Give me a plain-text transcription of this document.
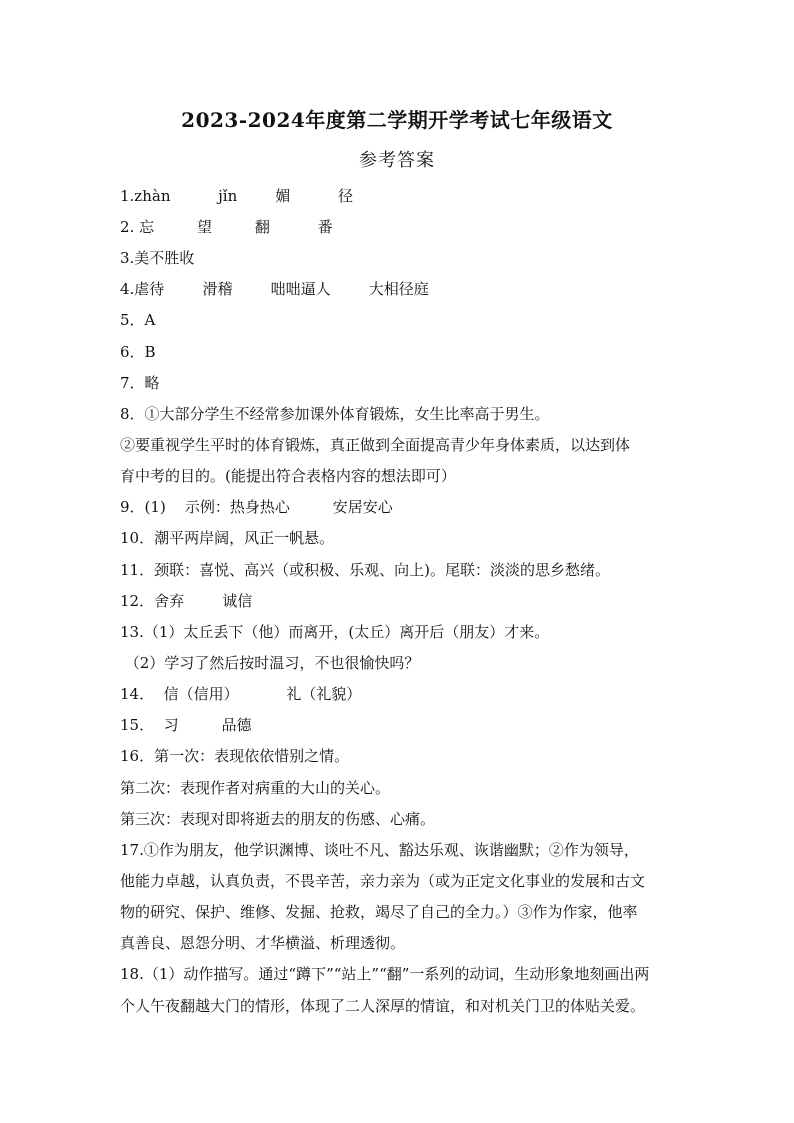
2023-2024年度第二学期开学考试七年级语文
参考答案
1.zhàn          jǐn        媚          径
2. 忘         望         翻          番
3.美不胜收
4.虐待        滑稽        咄咄逼人        大相径庭
5．A
6．B
7．略
8．①大部分学生不经常参加课外体育锻炼，女生比率高于男生。
②要重视学生平时的体育锻炼，真正做到全面提高青少年身体素质，以达到体
育中考的目的。(能提出符合表格内容的想法即可）
9．(1)    示例：热身热心         安居安心
10．潮平两岸阔，风正一帆悬。
11．颈联：喜悦、高兴（或积极、乐观、向上)。尾联：淡淡的思乡愁绪。
12．舍弃        诚信
13.（1）太丘丢下（他）而离开，(太丘）离开后（朋友）才来。
（2）学习了然后按时温习，不也很愉快吗？
14．  信（信用）          礼（礼貌）
15．  习         品德
16．第一次：表现依依惜别之情。
第二次：表现作者对病重的大山的关心。
第三次：表现对即将逝去的朋友的伤感、心痛。
17.①作为朋友，他学识渊博、谈吐不凡、豁达乐观、诙谐幽默；②作为领导，
他能力卓越，认真负责，不畏辛苦，亲力亲为（或为正定文化事业的发展和古文
物的研究、保护、维修、发掘、抢救，竭尽了自己的全力。）③作为作家，他率
真善良、恩怨分明、才华横溢、析理透彻。
18.（1）动作描写。通过“蹲下”“站上”“翻”一系列的动词，生动形象地刻画出两
个人午夜翻越大门的情形，体现了二人深厚的情谊，和对机关门卫的体贴关爱。
